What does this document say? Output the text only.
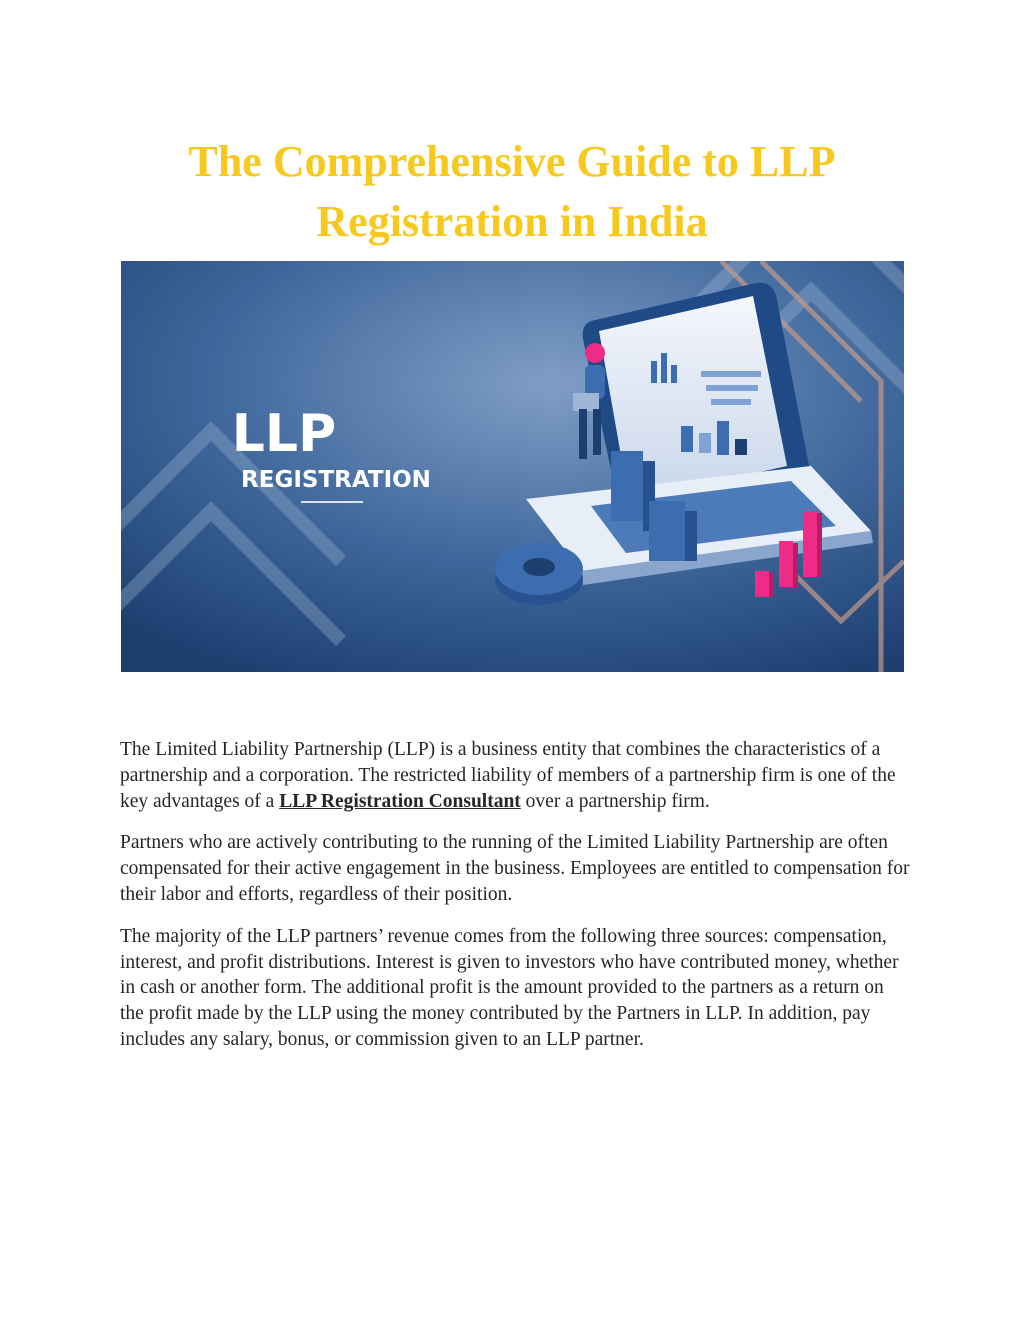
The Comprehensive Guide to LLP Registration in India
LLP
REGISTRATION

The Limited Liability Partnership (LLP) is a business entity that combines the characteristics of a partnership and a corporation. The restricted liability of members of a partnership firm is one of the key advantages of a LLP Registration Consultant over a partnership firm.

Partners who are actively contributing to the running of the Limited Liability Partnership are often compensated for their active engagement in the business. Employees are entitled to compensation for their labor and efforts, regardless of their position.

The majority of the LLP partners’ revenue comes from the following three sources: compensation, interest, and profit distributions. Interest is given to investors who have contributed money, whether in cash or another form. The additional profit is the amount provided to the partners as a return on the profit made by the LLP using the money contributed by the Partners in LLP. In addition, pay includes any salary, bonus, or commission given to an LLP partner.
